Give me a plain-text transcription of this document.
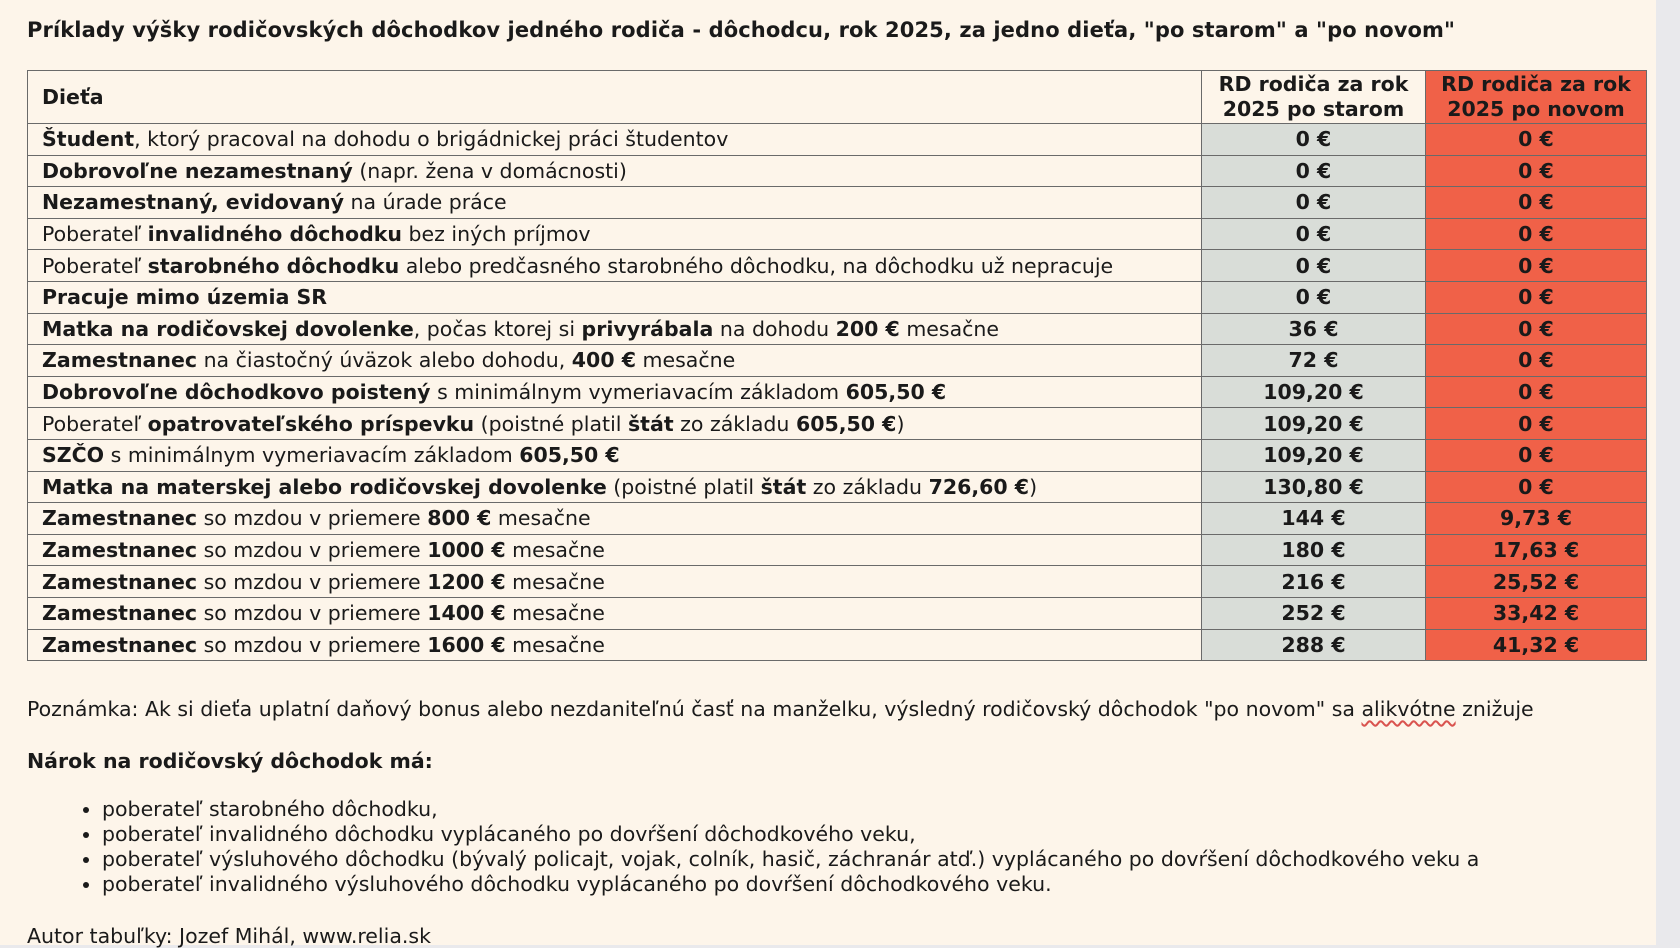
Príklady výšky rodičovských dôchodkov jedného rodiča - dôchodcu, rok 2025, za jedno dieťa, "po starom" a "po novom"
Dieťa	RD rodiča za rok 2025 po starom	RD rodiča za rok 2025 po novom
Študent, ktorý pracoval na dohodu o brigádnickej práci študentov	0 €	0 €
Dobrovoľne nezamestnaný (napr. žena v domácnosti)	0 €	0 €
Nezamestnaný, evidovaný na úrade práce	0 €	0 €
Poberateľ invalidného dôchodku bez iných príjmov	0 €	0 €
Poberateľ starobného dôchodku alebo predčasného starobného dôchodku, na dôchodku už nepracuje	0 €	0 €
Pracuje mimo územia SR	0 €	0 €
Matka na rodičovskej dovolenke, počas ktorej si privyrábala na dohodu 200 € mesačne	36 €	0 €
Zamestnanec na čiastočný úväzok alebo dohodu, 400 € mesačne	72 €	0 €
Dobrovoľne dôchodkovo poistený s minimálnym vymeriavacím základom 605,50 €	109,20 €	0 €
Poberateľ opatrovateľského príspevku (poistné platil štát zo základu 605,50 €)	109,20 €	0 €
SZČO s minimálnym vymeriavacím základom 605,50 €	109,20 €	0 €
Matka na materskej alebo rodičovskej dovolenke (poistné platil štát zo základu 726,60 €)	130,80 €	0 €
Zamestnanec so mzdou v priemere 800 € mesačne	144 €	9,73 €
Zamestnanec so mzdou v priemere 1000 € mesačne	180 €	17,63 €
Zamestnanec so mzdou v priemere 1200 € mesačne	216 €	25,52 €
Zamestnanec so mzdou v priemere 1400 € mesačne	252 €	33,42 €
Zamestnanec so mzdou v priemere 1600 € mesačne	288 €	41,32 €
Poznámka: Ak si dieťa uplatní daňový bonus alebo nezdaniteľnú časť na manželku, výsledný rodičovský dôchodok "po novom" sa alikvótne znižuje
Nárok na rodičovský dôchodok má:
• poberateľ starobného dôchodku,
• poberateľ invalidného dôchodku vyplácaného po dovŕšení dôchodkového veku,
• poberateľ výsluhového dôchodku (bývalý policajt, vojak, colník, hasič, záchranár atď.) vyplácaného po dovŕšení dôchodkového veku a
• poberateľ invalidného výsluhového dôchodku vyplácaného po dovŕšení dôchodkového veku.
Autor tabuľky: Jozef Mihál, www.relia.sk
